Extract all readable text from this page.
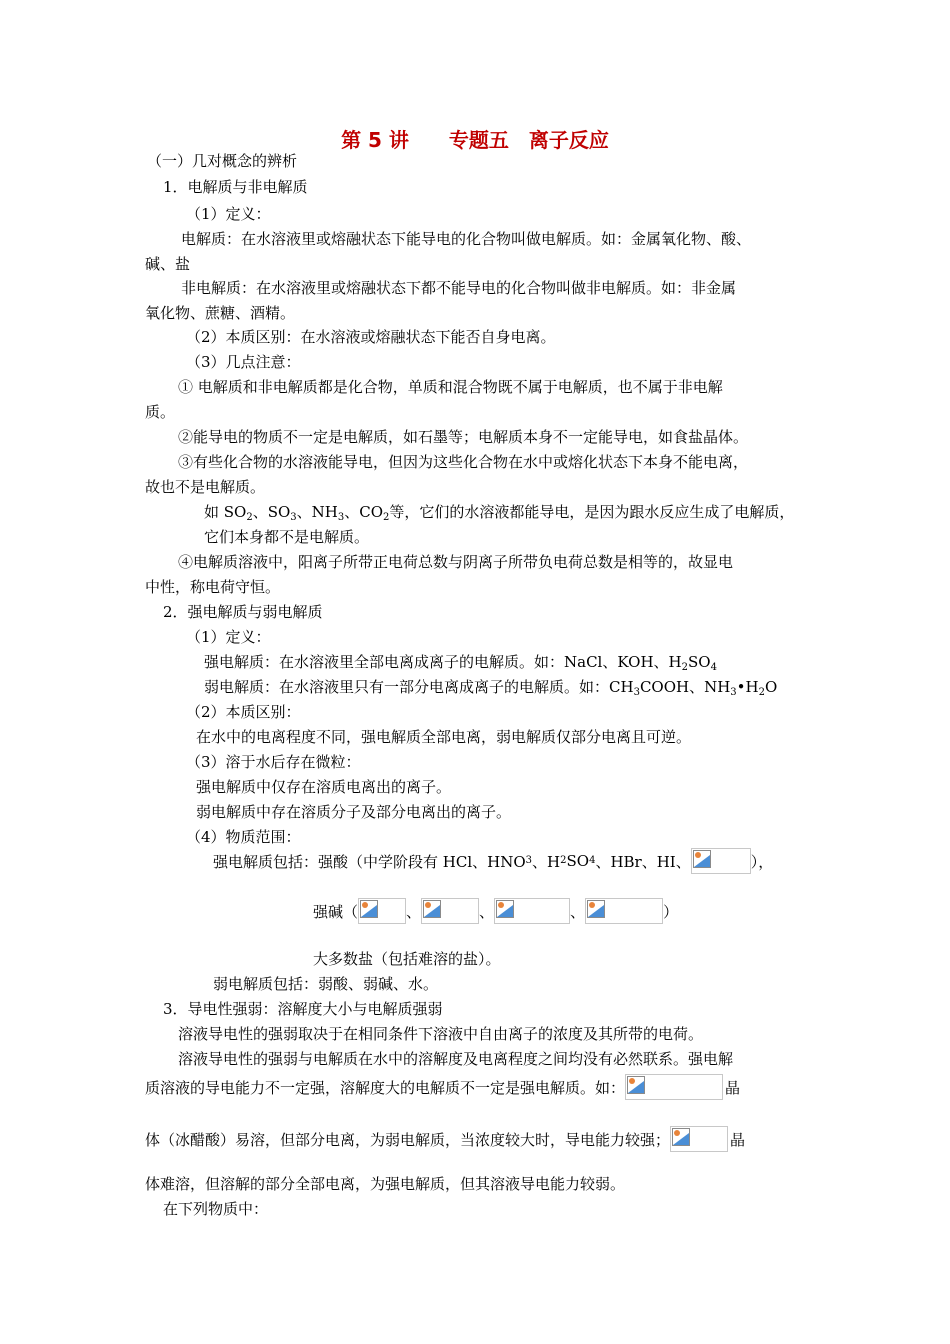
第 5 讲　　专题五　离子反应
（一）几对概念的辨析
1．电解质与非电解质
（1）定义：
电解质：在水溶液里或熔融状态下能导电的化合物叫做电解质。如：金属氧化物、酸、
碱、盐
非电解质：在水溶液里或熔融状态下都不能导电的化合物叫做非电解质。如：非金属
氧化物、蔗糖、酒精。
（2）本质区别：在水溶液或熔融状态下能否自身电离。
（3）几点注意：
① 电解质和非电解质都是化合物，单质和混合物既不属于电解质，也不属于非电解
质。
②能导电的物质不一定是电解质，如石墨等；电解质本身不一定能导电，如食盐晶体。
③有些化合物的水溶液能导电，但因为这些化合物在水中或熔化状态下本身不能电离，
故也不是电解质。
如 $SO_2$、$SO_3$、$NH_3$、$CO_2$等，它们的水溶液都能导电，是因为跟水反应生成了电解质，
它们本身都不是电解质。
④电解质溶液中，阳离子所带正电荷总数与阴离子所带负电荷总数是相等的，故显电
中性，称电荷守恒。
2．强电解质与弱电解质
（1）定义：
强电解质：在水溶液里全部电离成离子的电解质。如：NaCl、KOH、$H_2SO_4$
弱电解质：在水溶液里只有一部分电离成离子的电解质。如：$CH_3COOH$、$NH_3•H_2O$
（2）本质区别：
在水中的电离程度不同，强电解质全部电离，弱电解质仅部分电离且可逆。
（3）溶于水后存在微粒：
强电解质中仅存在溶质电离出的离子。
弱电解质中存在溶质分子及部分电离出的离子。
（4）物质范围：
强电解质包括：强酸（中学阶段有 HCl、HNO 3 、H 2 SO 4 、HBr、HI、	），
强碱（	、	、	、	）
大多数盐（包括难溶的盐）。
弱电解质包括：弱酸、弱碱、水。
3．导电性强弱：溶解度大小与电解质强弱
溶液导电性的强弱取决于在相同条件下溶液中自由离子的浓度及其所带的电荷。
溶液导电性的强弱与电解质在水中的溶解度及电离程度之间均没有必然联系。强电解
质溶液的导电能力不一定强，溶解度大的电解质不一定是强电解质。如：	晶
体（冰醋酸）易溶，但部分电离，为弱电解质，当浓度较大时，导电能力较强；	晶
体难溶，但溶解的部分全部电离，为强电解质，但其溶液导电能力较弱。
在下列物质中：
